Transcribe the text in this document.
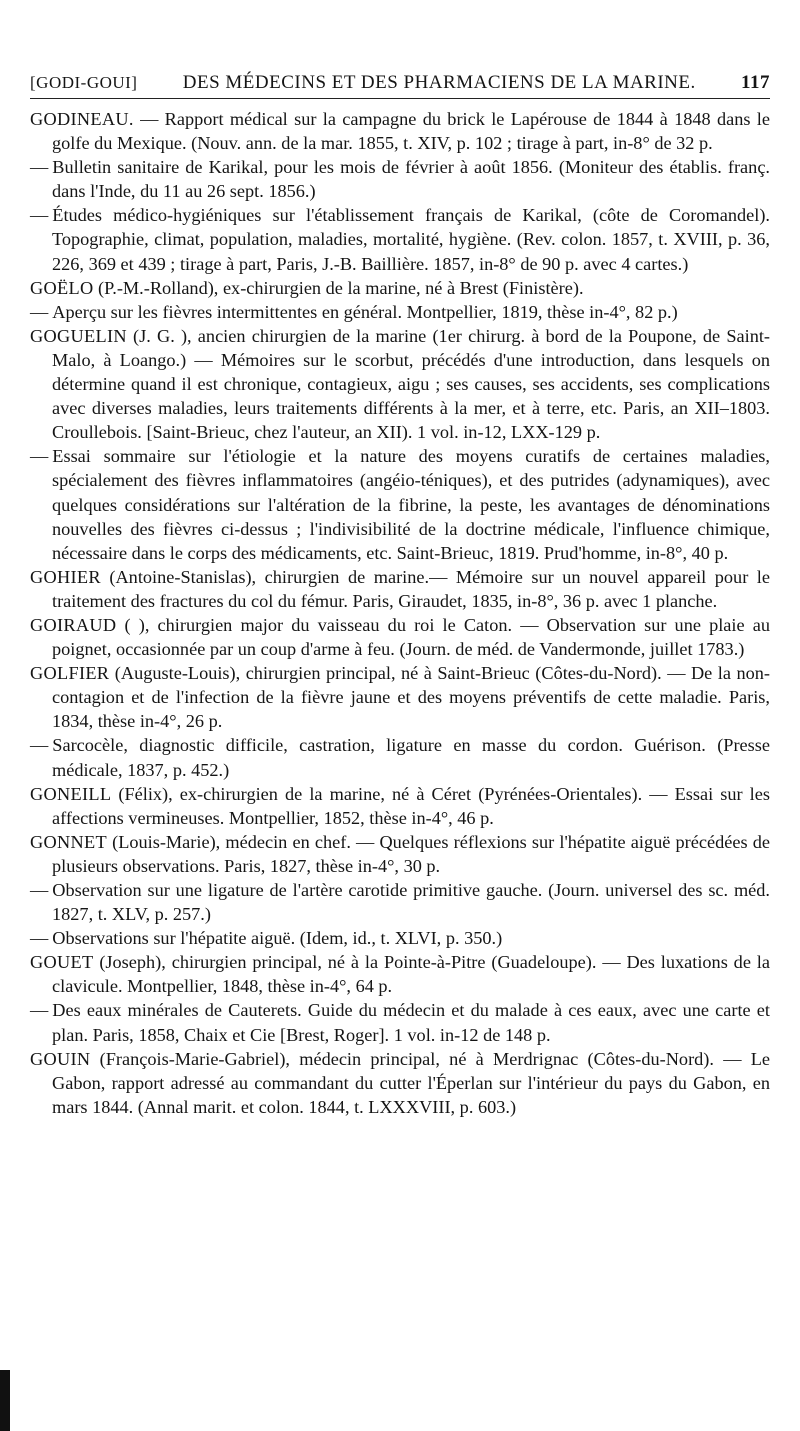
[GODI-GOUI]	DES MÉDECINS ET DES PHARMACIENS DE LA MARINE.	117

GODINEAU. — Rapport médical sur la campagne du brick le Lapérouse de 1844 à 1848 dans le golfe du Mexique. (Nouv. ann. de la mar. 1855, t. XIV, p. 102 ; tirage à part, in-8° de 32 p.

— Bulletin sanitaire de Karikal, pour les mois de février à août 1856. (Moniteur des établis. franç. dans l'Inde, du 11 au 26 sept. 1856.)

— Études médico-hygiéniques sur l'établissement français de Karikal, (côte de Coromandel). Topographie, climat, population, maladies, mortalité, hygiène. (Rev. colon. 1857, t. XVIII, p. 36, 226, 369 et 439 ; tirage à part, Paris, J.-B. Baillière. 1857, in-8° de 90 p. avec 4 cartes.)

GOËLO (P.-M.-Rolland), ex-chirurgien de la marine, né à Brest (Finistère).

— Aperçu sur les fièvres intermittentes en général. Montpellier, 1819, thèse in-4°, 82 p.)

GOGUELIN (J. G. ), ancien chirurgien de la marine (1er chirurg. à bord de la Poupone, de Saint-Malo, à Loango.) — Mémoires sur le scorbut, précédés d'une introduction, dans lesquels on détermine quand il est chronique, contagieux, aigu ; ses causes, ses accidents, ses complications avec diverses maladies, leurs traitements différents à la mer, et à terre, etc. Paris, an XII–1803. Croullebois. [Saint-Brieuc, chez l'auteur, an XII). 1 vol. in-12, LXX-129 p.

— Essai sommaire sur l'étiologie et la nature des moyens curatifs de certaines maladies, spécialement des fièvres inflammatoires (angéio-téniques), et des putrides (adynamiques), avec quelques considérations sur l'altération de la fibrine, la peste, les avantages de dénominations nouvelles des fièvres ci-dessus ; l'indivisibilité de la doctrine médicale, l'influence chimique, nécessaire dans le corps des médicaments, etc. Saint-Brieuc, 1819. Prud'homme, in-8°, 40 p.

GOHIER (Antoine-Stanislas), chirurgien de marine.— Mémoire sur un nouvel appareil pour le traitement des fractures du col du fémur. Paris, Giraudet, 1835, in-8°, 36 p. avec 1 planche.

GOIRAUD ( ), chirurgien major du vaisseau du roi le Caton. — Observation sur une plaie au poignet, occasionnée par un coup d'arme à feu. (Journ. de méd. de Vandermonde, juillet 1783.)

GOLFIER (Auguste-Louis), chirurgien principal, né à Saint-Brieuc (Côtes-du-Nord). — De la non-contagion et de l'infection de la fièvre jaune et des moyens préventifs de cette maladie. Paris, 1834, thèse in-4°, 26 p.

— Sarcocèle, diagnostic difficile, castration, ligature en masse du cordon. Guérison. (Presse médicale, 1837, p. 452.)

GONEILL (Félix), ex-chirurgien de la marine, né à Céret (Pyrénées-Orientales). — Essai sur les affections vermineuses. Montpellier, 1852, thèse in-4°, 46 p.

GONNET (Louis-Marie), médecin en chef. — Quelques réflexions sur l'hépatite aiguë précédées de plusieurs observations. Paris, 1827, thèse in-4°, 30 p.

— Observation sur une ligature de l'artère carotide primitive gauche. (Journ. universel des sc. méd. 1827, t. XLV, p. 257.)

— Observations sur l'hépatite aiguë. (Idem, id., t. XLVI, p. 350.)

GOUET (Joseph), chirurgien principal, né à la Pointe-à-Pitre (Guadeloupe). — Des luxations de la clavicule. Montpellier, 1848, thèse in-4°, 64 p.

— Des eaux minérales de Cauterets. Guide du médecin et du malade à ces eaux, avec une carte et plan. Paris, 1858, Chaix et Cie [Brest, Roger]. 1 vol. in-12 de 148 p.

GOUIN (François-Marie-Gabriel), médecin principal, né à Merdrignac (Côtes-du-Nord). — Le Gabon, rapport adressé au commandant du cutter l'Éperlan sur l'intérieur du pays du Gabon, en mars 1844. (Annal marit. et colon. 1844, t. LXXXVIII, p. 603.)
